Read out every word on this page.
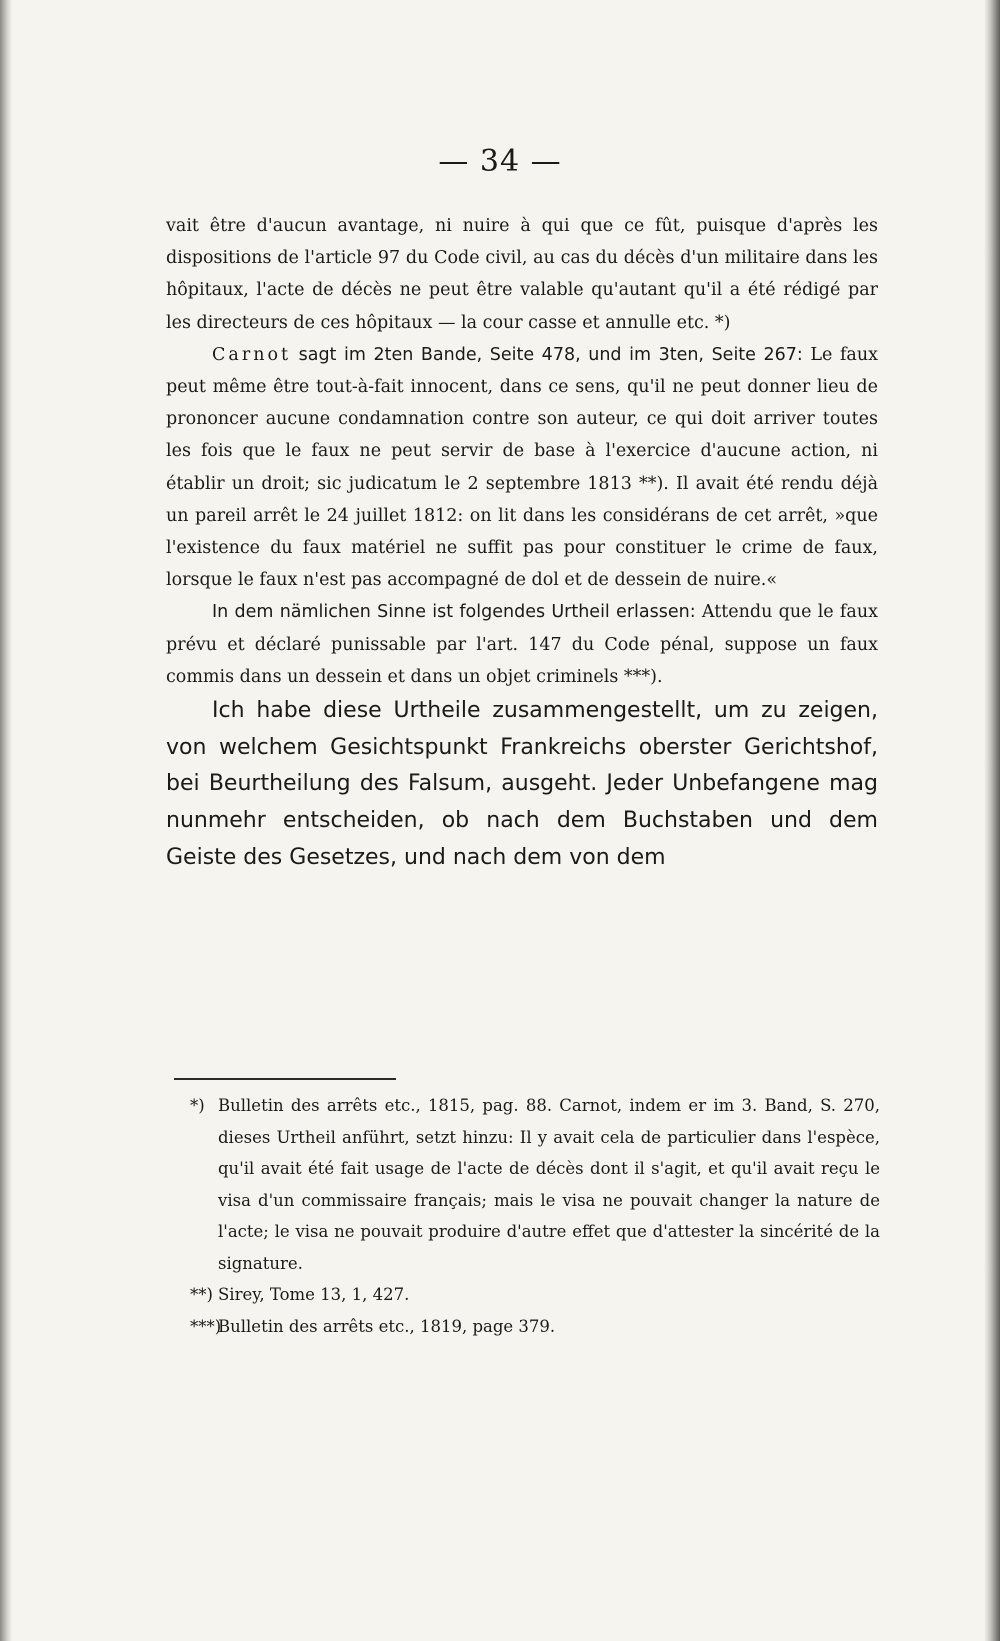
— 34 —

vait être d'aucun avantage, ni nuire à qui que ce fût, puisque d'après les dispositions de l'article 97 du Code civil, au cas du décès d'un militaire dans les hôpitaux, l'acte de décès ne peut être valable qu'autant qu'il a été rédigé par les directeurs de ces hôpitaux — la cour casse et annulle etc. *)

Carnot sagt im 2ten Bande, Seite 478, und im 3ten, Seite 267: Le faux peut même être tout-à-fait innocent, dans ce sens, qu'il ne peut donner lieu de prononcer aucune condamnation contre son auteur, ce qui doit arriver toutes les fois que le faux ne peut servir de base à l'exercice d'aucune action, ni établir un droit; sic judicatum le 2 septembre 1813 **). Il avait été rendu déjà un pareil arrêt le 24 juillet 1812: on lit dans les considérans de cet arrêt, »que l'existence du faux matériel ne suffit pas pour constituer le crime de faux, lorsque le faux n'est pas accompagné de dol et de dessein de nuire.«

In dem nämlichen Sinne ist folgendes Urtheil erlassen: Attendu que le faux prévu et déclaré punissable par l'art. 147 du Code pénal, suppose un faux commis dans un dessein et dans un objet criminels ***).

Ich habe diese Urtheile zusammengestellt, um zu zeigen, von welchem Gesichtspunkt Frankreichs oberster Gerichtshof, bei Beurtheilung des Falsum, ausgeht. Jeder Unbefangene mag nunmehr entscheiden, ob nach dem Buchstaben und dem Geiste des Gesetzes, und nach dem von dem

*) Bulletin des arrêts etc., 1815, pag. 88. Carnot, indem er im 3. Band, S. 270, dieses Urtheil anführt, setzt hinzu: Il y avait cela de particulier dans l'espèce, qu'il avait été fait usage de l'acte de décès dont il s'agit, et qu'il avait reçu le visa d'un commissaire français; mais le visa ne pouvait changer la nature de l'acte; le visa ne pouvait produire d'autre effet que d'attester la sincérité de la signature.

**) Sirey, Tome 13, 1, 427.

***)Bulletin des arrêts etc., 1819, page 379.
